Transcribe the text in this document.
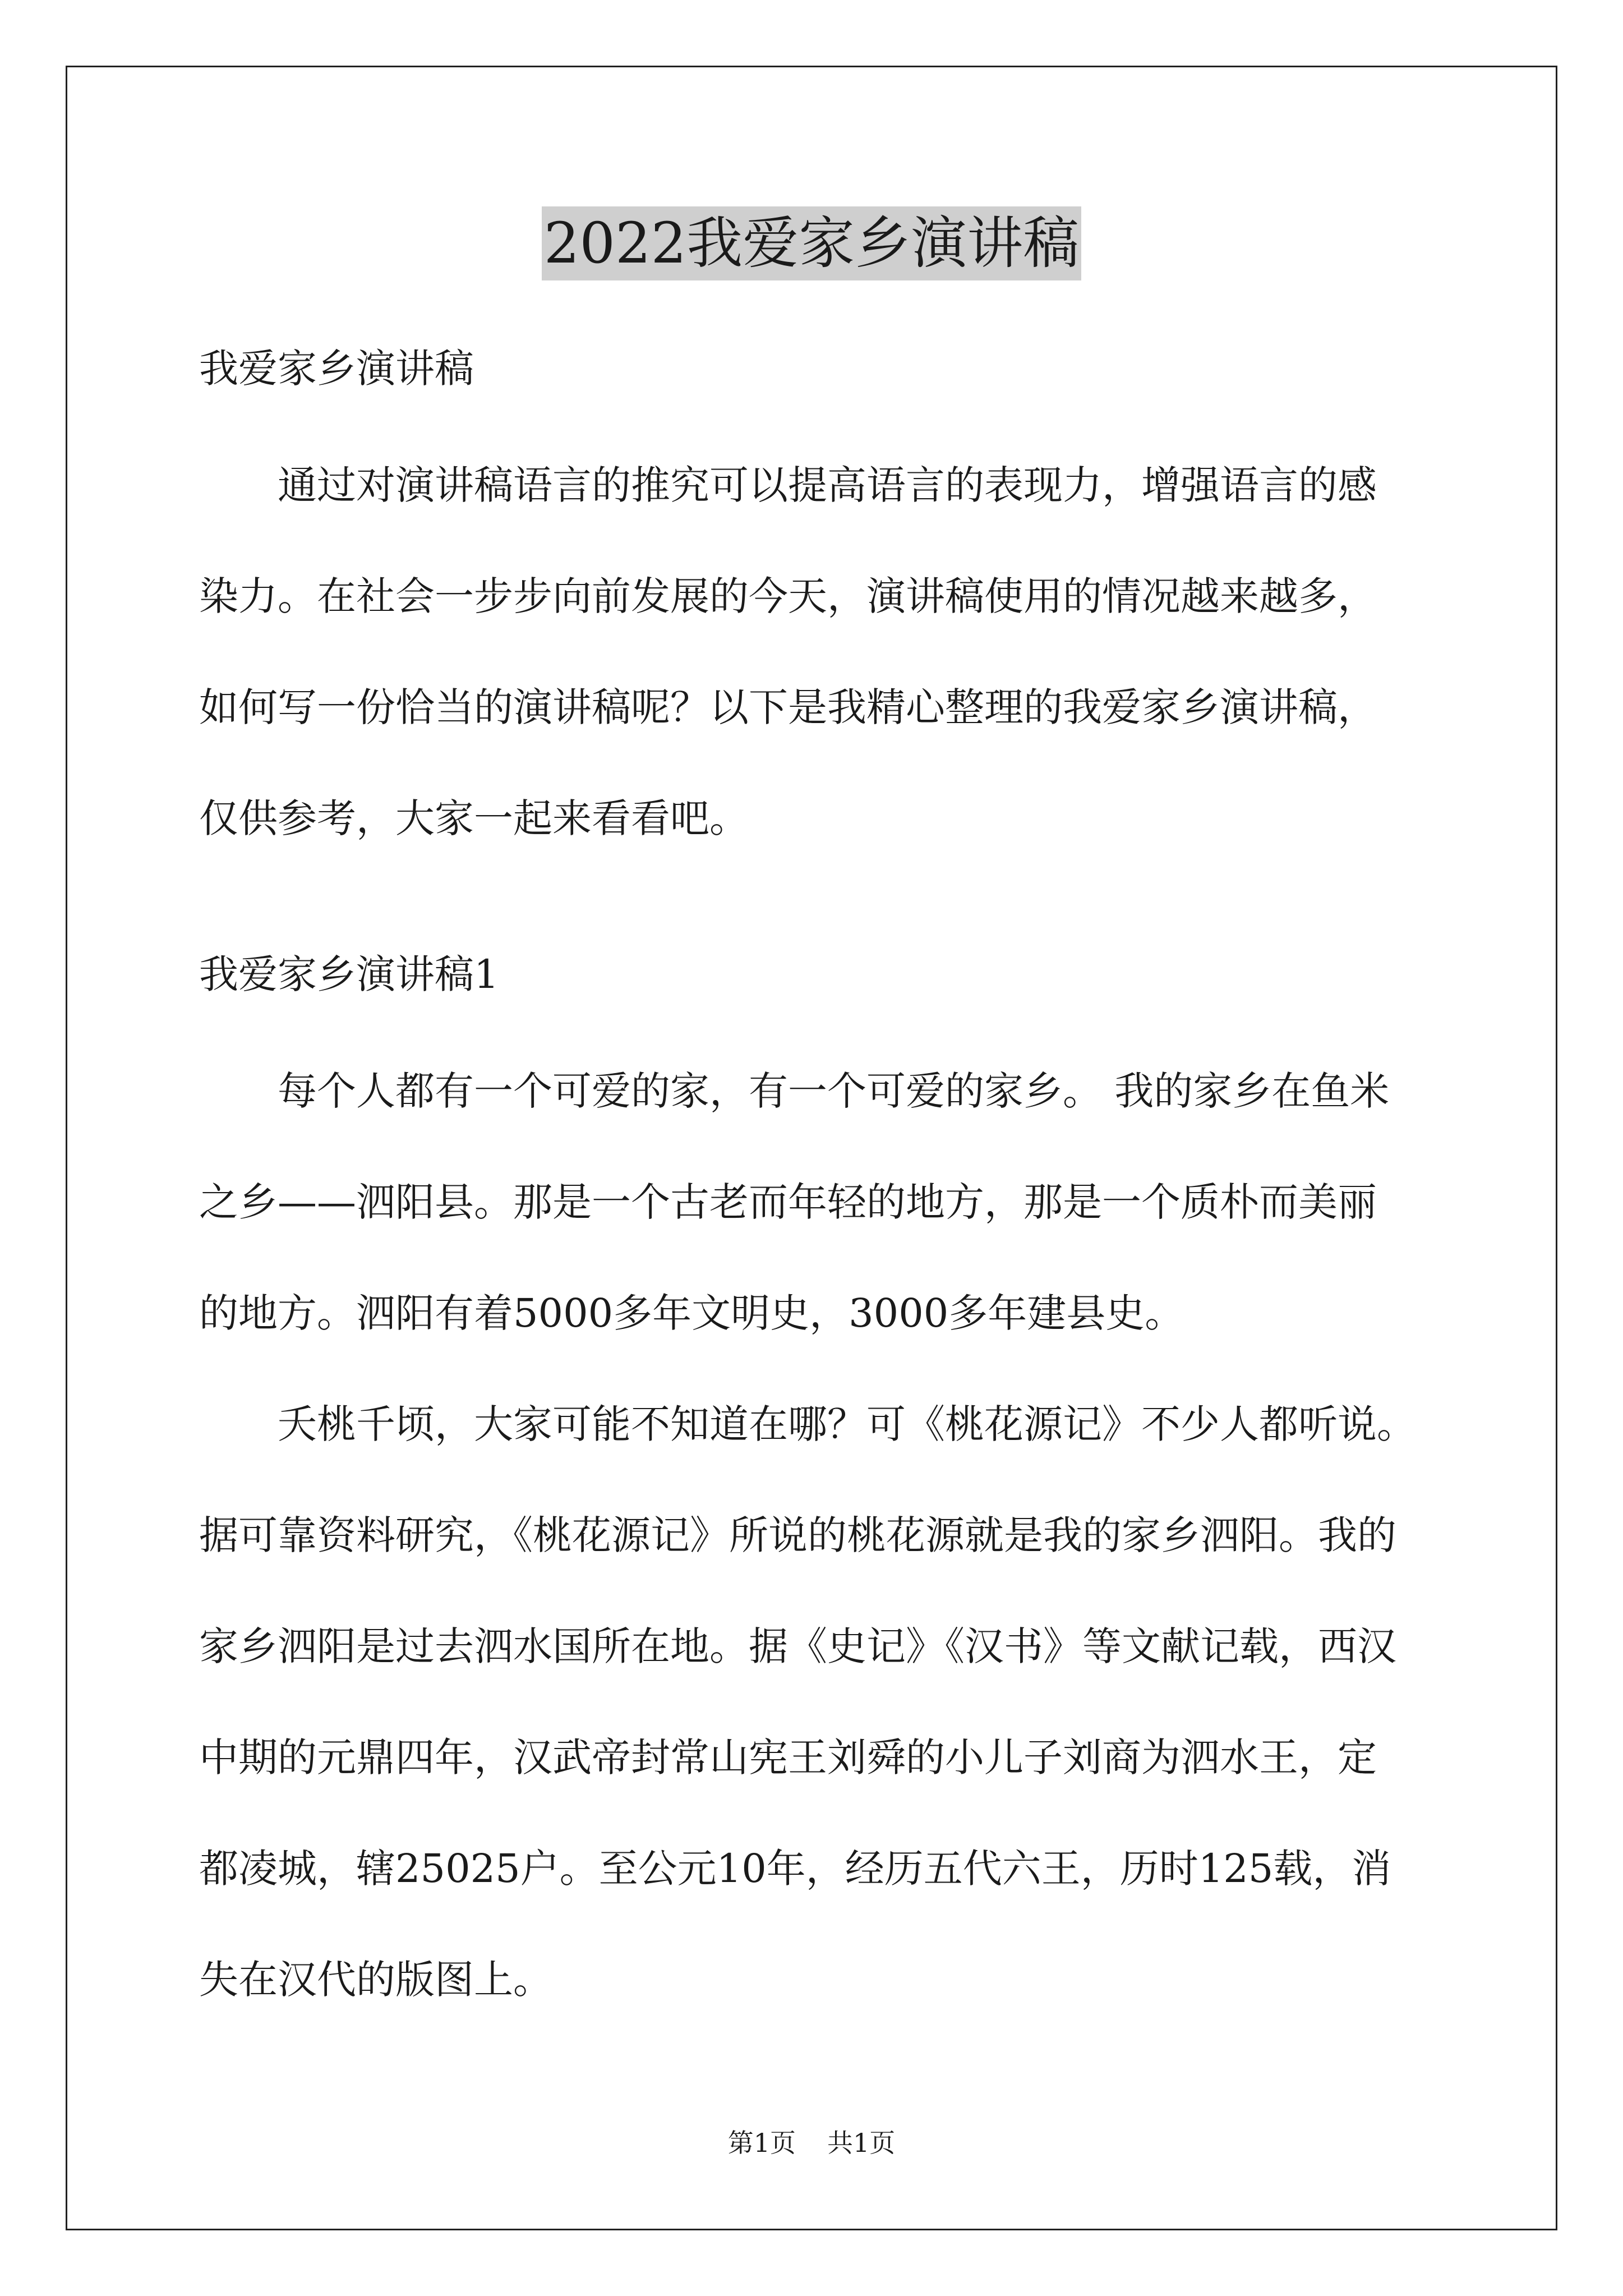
2022我爱家乡演讲稿
我爱家乡演讲稿
　　通过对演讲稿语言的推究可以提高语言的表现力，增强语言的感
染力。在社会一步步向前发展的今天，演讲稿使用的情况越来越多，
如何写一份恰当的演讲稿呢？以下是我精心整理的我爱家乡演讲稿，
仅供参考，大家一起来看看吧。
我爱家乡演讲稿1
　　每个人都有一个可爱的家，有一个可爱的家乡。 我的家乡在鱼米
之乡——泗阳县。那是一个古老而年轻的地方，那是一个质朴而美丽
的地方。泗阳有着5000多年文明史，3000多年建县史。
　　夭桃千顷，大家可能不知道在哪？可《桃花源记》不少人都听说。
据可靠资料研究，《桃花源记》所说的桃花源就是我的家乡泗阳。我的
家乡泗阳是过去泗水国所在地。据《史记》《汉书》等文献记载，西汉
中期的元鼎四年，汉武帝封常山宪王刘舜的小儿子刘商为泗水王，定
都凌城，辖25025户。至公元10年，经历五代六王，历时125载，消
失在汉代的版图上。
第1页 共1页
